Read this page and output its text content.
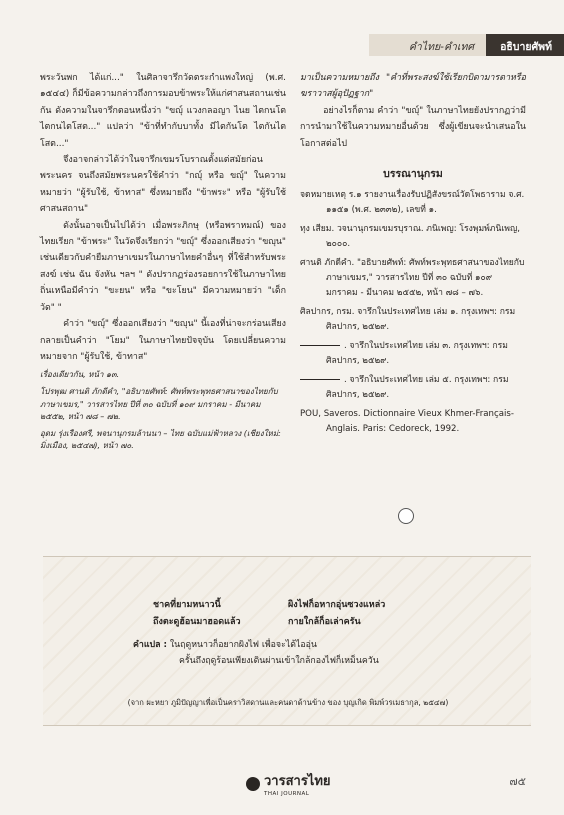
คำไทย-คำเทศ	อธิบายศัพท์

พระวันพก ได้แก่..." ในศิลาจารึกวัดตระกำแพงใหญ่ (พ.ศ. ๑๕๔๔) ก็มีข้อความกล่าวถึงการมอบข้าพระให้แก่ศาสนสถานเช่นกัน ดังความในจารึกตอนหนึ่งว่า "ขญุ์ แวงกลอญา ไนย ไตกนโต ไตกนไตโสต..." แปลว่า "ข้าที่ทำกับบาทั้ง มีไตกันโต ไตกันไตโสต..."

จึงอาจกล่าวได้ว่าในจารึกเขมรโบราณตั้งแต่สมัยก่อนพระนคร จนถึงสมัยพระนครใช้คำว่า "กญุ์ หรือ ขญุ์" ในความหมายว่า "ผู้รับใช้, ข้าทาส" ซึ่งหมายถึง "ข้าพระ" หรือ "ผู้รับใช้ศาสนสถาน"

ดังนั้นอาจเป็นไปได้ว่า เมื่อพระภิกษุ (หรือพราหมณ์) ของไทยเรียก "ข้าพระ" ในวัดจึงเรียกว่า "ขญุ์" ซึ่งออกเสียงว่า "ขญุน" เช่นเดียวกับคำยืมภาษาเขมรในภาษาไทยคำอื่นๆ ที่ใช้สำหรับพระสงฆ์ เช่น ฉัน จังหัน ฯลฯ " ดังปรากฏร่องรอยการใช้ในภาษาไทยถิ่นเหนือมีคำว่า "ขะยน" หรือ "ขะโยน" มีความหมายว่า "เด็กวัด" "

คำว่า "ขญุ์" ซึ่งออกเสียงว่า "ขญุน" นี้เองที่น่าจะกร่อนเสียงกลายเป็นคำว่า "โยม" ในภาษาไทยปัจจุบัน โดยเปลี่ยนความหมายจาก "ผู้รับใช้, ข้าทาส"

เรื่องเดียวกัน, หน้า ๑๓.
โปรพุฒ ศานติ ภักดีคำ, "อธิบายศัพท์: ศัพท์พระพุทธศาสนาของไทยกับภาษาเขมร," วารสารไทย ปีที่ ๓๐ ฉบับที่ ๑๐๙ มกราคม - มีนาคม ๒๕๕๒, หน้า ๗๘ – ๗๒.
อุดม รุ่งเรืองศรี, พจนานุกรมล้านนา – ไทย ฉบับแม่ฟ้าหลวง (เชียงใหม่: มิ่งเมือง, ๒๕๔๗), หน้า ๗๐.

มาเป็นความหมายถึง "คำที่พระสงฆ์ใช้เรียกบิดามารดาหรือฆราวาสผู้อุปัฏฐาก"

อย่างไรก็ตาม คำว่า "ขญุ์" ในภาษาไทยยังปรากฏว่ามีการนำมาใช้ในความหมายอื่นด้วย ซึ่งผู้เขียนจะนำเสนอในโอกาสต่อไป

บรรณานุกรม
จดหมายเหตุ ร.๑ รายงานเรื่องรับปฏิสังขรณ์วัดโพธาราม จ.ศ. ๑๑๕๑ (พ.ศ. ๒๓๓๒), เลขที่ ๑.
ทุง เสียม. วจนานุกรมเขมรบุราณ. ภนิเพญ: โรงพุมพ์ภนิเพญ, ๒๐๐๐.
ศานติ ภักดีคำ. "อธิบายศัพท์: ศัพท์พระพุทธศาสนาของไทยกับภาษาเขมร," วารสารไทย ปีที่ ๓๐ ฉบับที่ ๑๐๙ มกราคม - มีนาคม ๒๕๕๒, หน้า ๗๘ – ๗๖.
ศิลปากร, กรม. จารึกในประเทศไทย เล่ม ๑. กรุงเทพฯ: กรมศิลปากร, ๒๕๒๙.
. จารึกในประเทศไทย เล่ม ๓. กรุงเทพฯ: กรมศิลปากร, ๒๕๒๙.
. จารึกในประเทศไทย เล่ม ๕. กรุงเทพฯ: กรมศิลปากร, ๒๕๒๙.
POU, Saveros. Dictionnaire Vieux Khmer-Français-Anglais. Paris: Cedoreck, 1992.
ชาคที่ยามหนาวนี้
ถึงตะดูฮ้อนมาฮอดแล้ว
ผิงไฟก็อหากอุ่นซวงแหล่ว
กายใกล้ก็อเล่าครัน
คำแปล : ในฤดูหนาวก็อยากผิงไฟ เพื่อจะได้ไออุ่น
ครั้นถึงฤดูร้อนเพียงเดินผ่านเข้าใกล้กองไฟก็เหม็นควัน
(จาก ผะหยา ภูมิปัญญาเพื่อเป็นคราวิสดานและคนดาด้านข้าง ของ บุญเกิด พิมพ์วรเมธากุล, ๒๕๔๗)
วารสารไทย
THAI JOURNAL
๗๕
